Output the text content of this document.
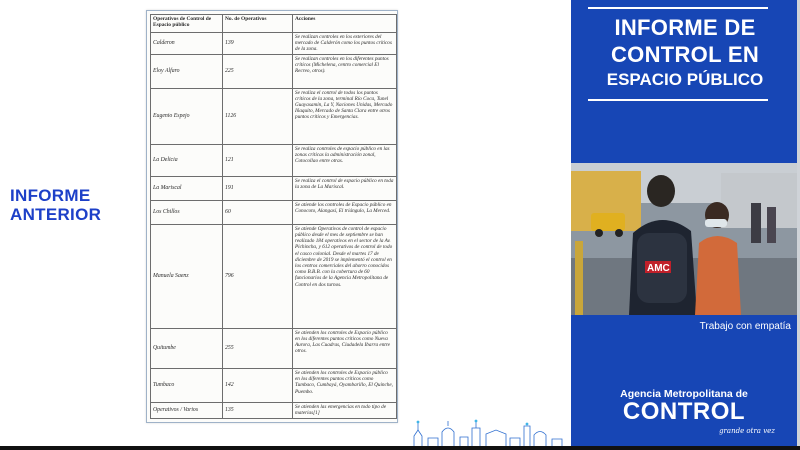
INFORME
ANTERIOR
Operativos de Control de Espacio público	No. de Operativos	Acciones
Calderon	139	Se realizan controles en los exteriores del mercado de Calderón como los puntos críticos de la zona.
Eloy Alfaro	225	Se realizan controles en los diferentes puntos críticos (Michelena, centro comercial El Recreo, otros).
Eugenio Espejo	1126	Se realiza el control de todos los puntos críticos de la zona, terminal Río Coca, Tunel Guayasamín, La Y, Naciones Unidas, Mercado Iñaquito, Mercado de Santa Clara entre otros puntos críticos y Emergencias.
La Delicia	121	Se realiza controles de espacio público en las zonas críticas la administración zonal, Cotocollao entre otras.
La Mariscal	191	Se realiza el control de espacio público en toda la zona de La Mariscal.
Los Chillos	60	Se atiende los controles de Espacio público en Conocoto, Alangasí, El triángulo, La Merced.
Manuela Saenz	796	Se atiende Operativos de control de espacio público desde el mes de septiembre se han realizado 184 operativos en el sector de la Av. Pichincha, y 612 operativos de control de todo el casco colonial. Desde el martes 17 de diciembre de 2019 se implementó el control en los centros comerciales del ahorro conocidos como B.B.B. con la cobertura de 60 funcionarios de la Agencia Metropolitana de Control en dos turnos.
Quitumbe	255	Se atienden los controles de Espacio público en los diferentes puntos críticos como Nueva Aurora, Las Cuadras, Ciudadela Ibarra entre otros.
Tumbaco	142	Se atienden los controles de Espacio público en los diferentes puntos críticos como Tumbaco, Cumbayá, Oyambarillo, El Quinche, Puembo.
Operativos / Varios	135	Se atienden las emergencias en todo tipo de materias[1]
INFORME DE
CONTROL EN
ESPACIO PÚBLICO
AMC
Trabajo con empatía
Agencia Metropolitana de
CONTROL
grande otra vez
